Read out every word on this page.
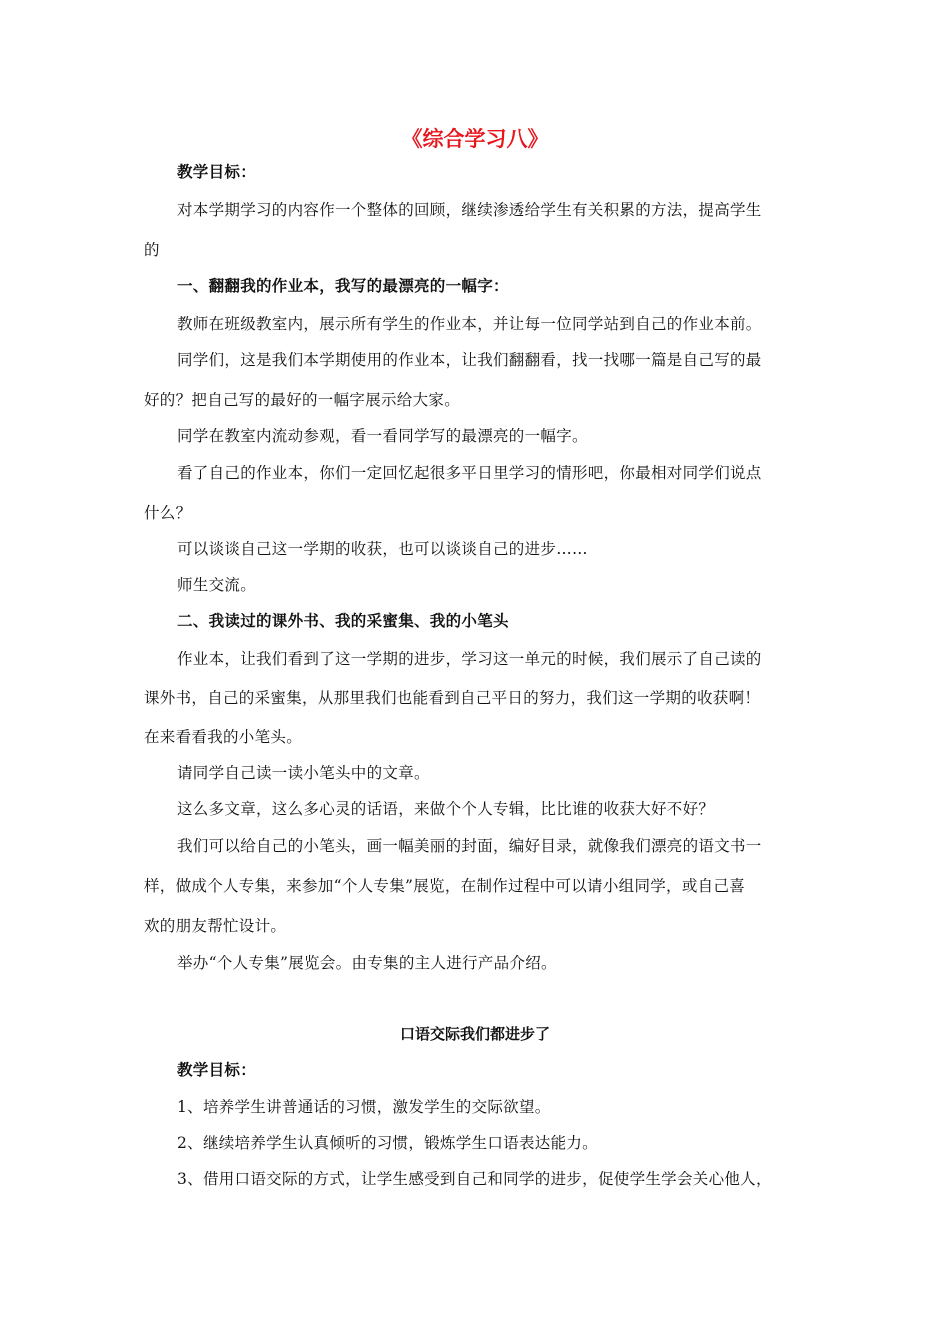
《综合学习八》
教学目标：
对本学期学习的内容作一个整体的回顾，继续渗透给学生有关积累的方法，提高学生
的
一、翻翻我的作业本，我写的最漂亮的一幅字：
教师在班级教室内，展示所有学生的作业本，并让每一位同学站到自己的作业本前。
同学们，这是我们本学期使用的作业本，让我们翻翻看，找一找哪一篇是自己写的最
好的？把自己写的最好的一幅字展示给大家。
同学在教室内流动参观，看一看同学写的最漂亮的一幅字。
看了自己的作业本，你们一定回忆起很多平日里学习的情形吧，你最相对同学们说点
什么？
可以谈谈自己这一学期的收获，也可以谈谈自己的进步……
师生交流。
二、我读过的课外书、我的采蜜集、我的小笔头
作业本，让我们看到了这一学期的进步，学习这一单元的时候，我们展示了自己读的
课外书，自己的采蜜集，从那里我们也能看到自己平日的努力，我们这一学期的收获啊！
在来看看我的小笔头。
请同学自己读一读小笔头中的文章。
这么多文章，这么多心灵的话语，来做个个人专辑，比比谁的收获大好不好？
我们可以给自己的小笔头，画一幅美丽的封面，编好目录，就像我们漂亮的语文书一
样，做成个人专集，来参加“个人专集”展览，在制作过程中可以请小组同学，或自己喜
欢的朋友帮忙设计。
举办“个人专集”展览会。由专集的主人进行产品介绍。
口语交际我们都进步了
教学目标：
1、培养学生讲普通话的习惯，激发学生的交际欲望。
2、继续培养学生认真倾听的习惯，锻炼学生口语表达能力。
3、借用口语交际的方式，让学生感受到自己和同学的进步，促使学生学会关心他人，
